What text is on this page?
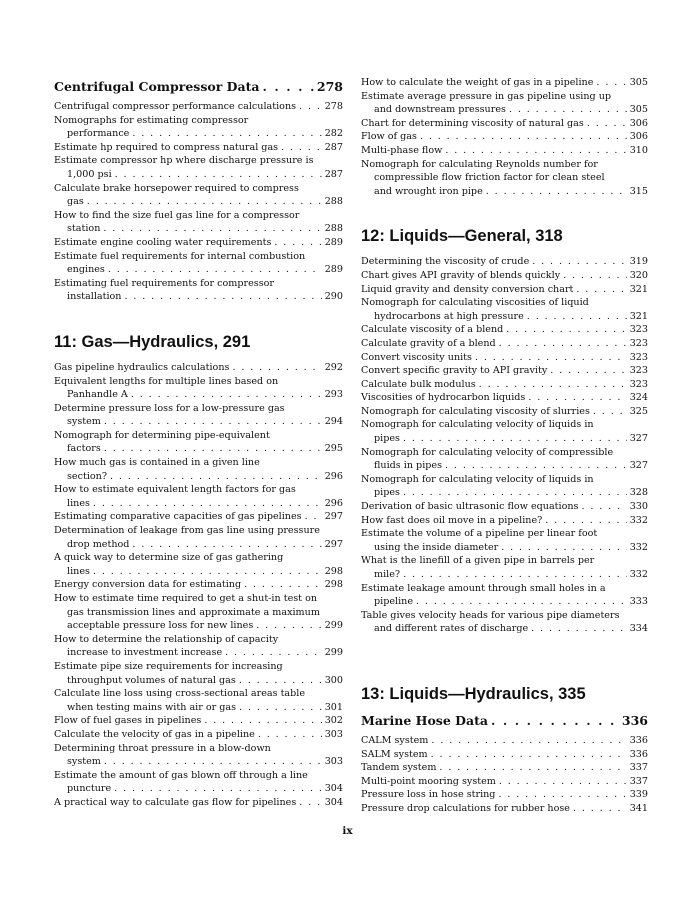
Centrifugal Compressor Data . . .	278
Centrifugal compressor performance calculations . . .	278
Nomographs for estimating compressor
performance . . .	282
Estimate hp required to compress natural gas . . .	287
Estimate compressor hp where discharge pressure is
1,000 psi . . .	287
Calculate brake horsepower required to compress
gas . . .	288
How to find the size fuel gas line for a compressor
station . . .	288
Estimate engine cooling water requirements . . .	289
Estimate fuel requirements for internal combustion
engines . . .	289
Estimating fuel requirements for compressor
installation . . .	290
11: Gas—Hydraulics, 291
Gas pipeline hydraulics calculations . . .	292
Equivalent lengths for multiple lines based on
Panhandle A . . .	293
Determine pressure loss for a low-pressure gas
system . . .	294
Nomograph for determining pipe-equivalent
factors . . .	295
How much gas is contained in a given line
section? . . .	296
How to estimate equivalent length factors for gas
lines . . .	296
Estimating comparative capacities of gas pipelines . . . 297
Determination of leakage from gas line using pressure
drop method . . .	297
A quick way to determine size of gas gathering
lines . . .	298
Energy conversion data for estimating . . .	298
How to estimate time required to get a shut-in test on
gas transmission lines and approximate a maximum
acceptable pressure loss for new lines . . .	299
How to determine the relationship of capacity
increase to investment increase . . .	299
Estimate pipe size requirements for increasing
throughput volumes of natural gas . . .	300
Calculate line loss using cross-sectional areas table
when testing mains with air or gas . . .	301
Flow of fuel gases in pipelines . . .	302
Calculate the velocity of gas in a pipeline . . .	303
Determining throat pressure in a blow-down
system . . .	303
Estimate the amount of gas blown off through a line
puncture . . .	304
A practical way to calculate gas flow for pipelines . . .	304
How to calculate the weight of gas in a pipeline . . .	305
Estimate average pressure in gas pipeline using up
and downstream pressures . . .	305
Chart for determining viscosity of natural gas . . .	306
Flow of gas . . .	306
Multi-phase flow . . .	310
Nomograph for calculating Reynolds number for
compressible flow friction factor for clean steel
and wrought iron pipe . . .	315
12: Liquids—General, 318
Determining the viscosity of crude . . .	319
Chart gives API gravity of blends quickly . . .	320
Liquid gravity and density conversion chart . . .	321
Nomograph for calculating viscosities of liquid
hydrocarbons at high pressure . . .	321
Calculate viscosity of a blend . . .	323
Calculate gravity of a blend . . .	323
Convert viscosity units . . .	323
Convert specific gravity to API gravity . . .	323
Calculate bulk modulus . . .	323
Viscosities of hydrocarbon liquids . . .	324
Nomograph for calculating viscosity of slurries . . .	325
Nomograph for calculating velocity of liquids in
pipes . . .	327
Nomograph for calculating velocity of compressible
fluids in pipes . . .	327
Nomograph for calculating velocity of liquids in
pipes . . .	328
Derivation of basic ultrasonic flow equations . . .	330
How fast does oil move in a pipeline? . . .	332
Estimate the volume of a pipeline per linear foot
using the inside diameter . . .	332
What is the linefill of a given pipe in barrels per
mile? . . .	332
Estimate leakage amount through small holes in a
pipeline . . .	333
Table gives velocity heads for various pipe diameters
and different rates of discharge . . .	334
13: Liquids—Hydraulics, 335
Marine Hose Data . . .	336
CALM system . . .	336
SALM system . . .	336
Tandem system . . .	337
Multi-point mooring system . . .	337
Pressure loss in hose string . . .	339
Pressure drop calculations for rubber hose . . .	341
ix
